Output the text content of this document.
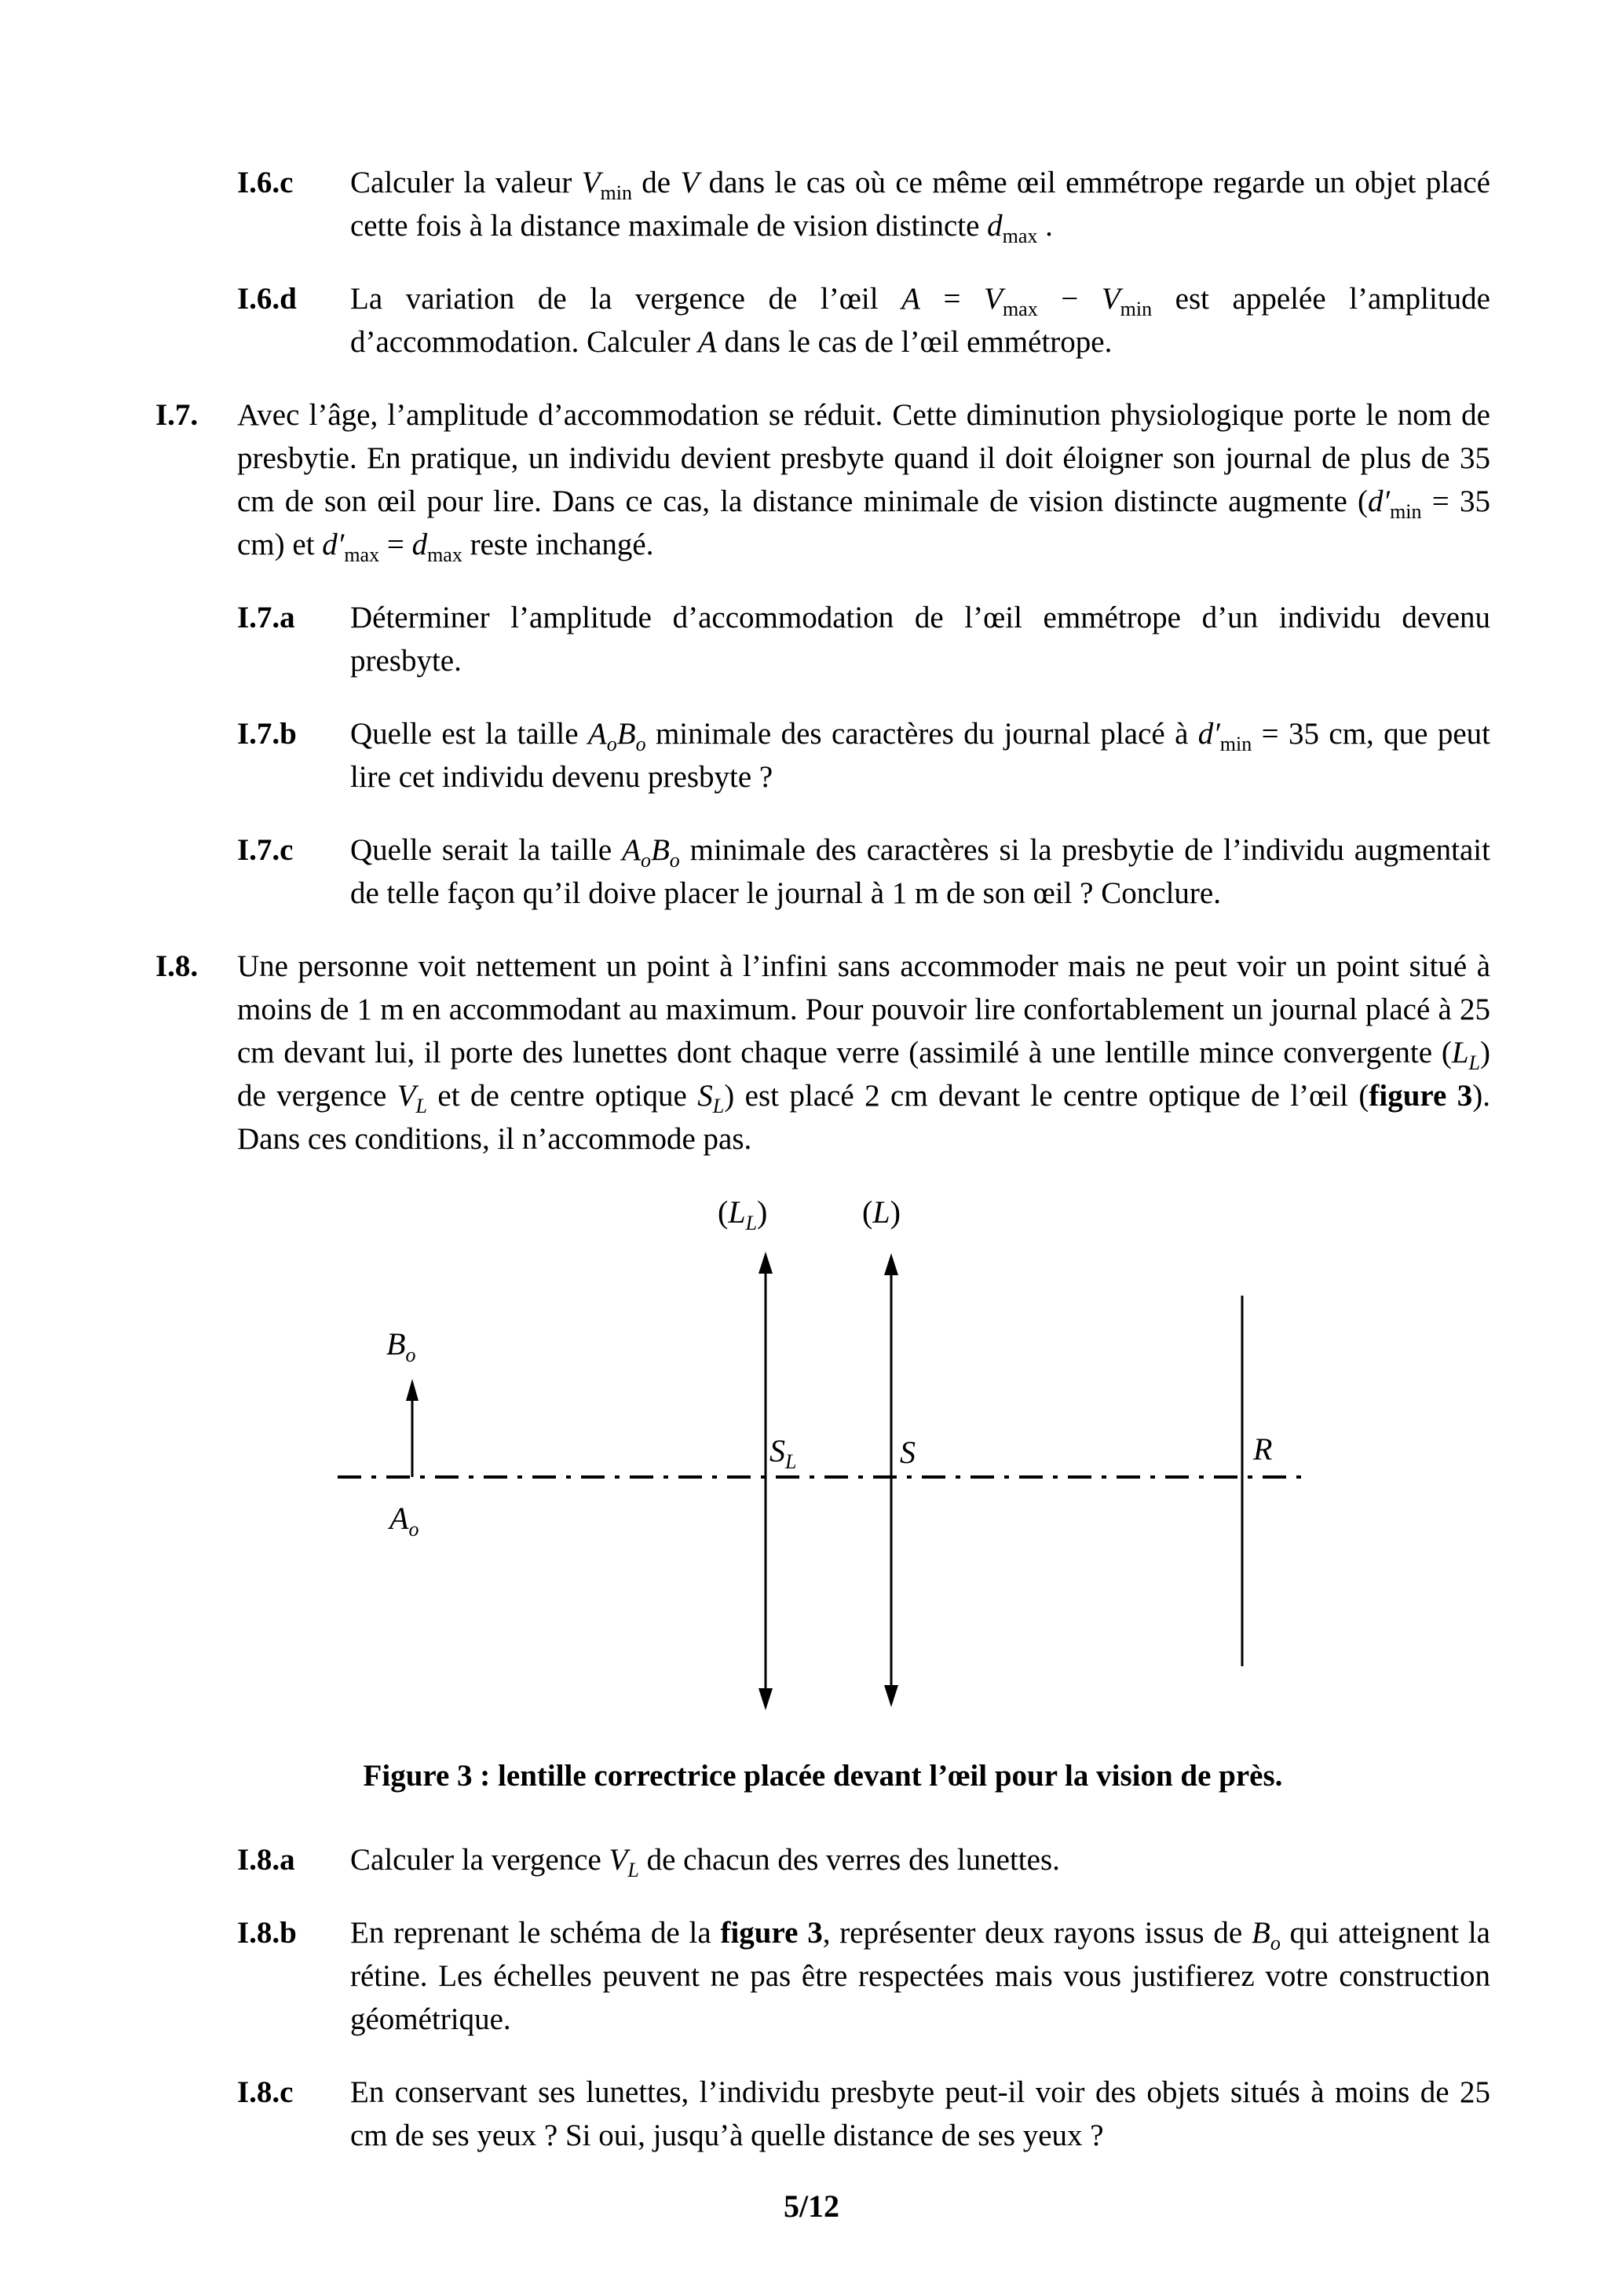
I.6.c	Calculer la valeur $V_{min}$ de V dans le cas où ce même œil emmétrope regarde un objet placé cette fois à la distance maximale de vision distincte $d_{max}$ .
I.6.d	La variation de la vergence de l’œil $A = V_{max} - V_{min}$ est appelée l’amplitude d’accommodation. Calculer A dans le cas de l’œil emmétrope.
I.7.	Avec l’âge, l’amplitude d’accommodation se réduit. Cette diminution physiologique porte le nom de presbytie. En pratique, un individu devient presbyte quand il doit éloigner son journal de plus de 35 cm de son œil pour lire. Dans ce cas, la distance minimale de vision distincte augmente ($d'_{min} = 35$ cm) et $d'_{max} = d_{max}$ reste inchangé.
I.7.a	Déterminer l’amplitude d’accommodation de l’œil emmétrope d’un individu devenu presbyte.
I.7.b	Quelle est la taille $A_oB_o$ minimale des caractères du journal placé à $d'_{min} = 35$ cm, que peut lire cet individu devenu presbyte ?
I.7.c	Quelle serait la taille $A_oB_o$ minimale des caractères si la presbytie de l’individu augmentait de telle façon qu’il doive placer le journal à 1 m de son œil ? Conclure.
I.8.	Une personne voit nettement un point à l’infini sans accommoder mais ne peut voir un point situé à moins de 1 m en accommodant au maximum. Pour pouvoir lire confortablement un journal placé à 25 cm devant lui, il porte des lunettes dont chaque verre (assimilé à une lentille mince convergente $(L_L)$ de vergence $V_L$ et de centre optique $S_L$) est placé 2 cm devant le centre optique de l’œil (figure 3). Dans ces conditions, il n’accommode pas.
$(L_L)$	(L)
$B_o$
$A_o$
$S_L$	S	R
Figure 3 : lentille correctrice placée devant l’œil pour la vision de près.
I.8.a	Calculer la vergence $V_L$ de chacun des verres des lunettes.
I.8.b	En reprenant le schéma de la figure 3, représenter deux rayons issus de $B_o$ qui atteignent la rétine. Les échelles peuvent ne pas être respectées mais vous justifierez votre construction géométrique.
I.8.c	En conservant ses lunettes, l’individu presbyte peut-il voir des objets situés à moins de 25 cm de ses yeux ? Si oui, jusqu’à quelle distance de ses yeux ?
5/12
